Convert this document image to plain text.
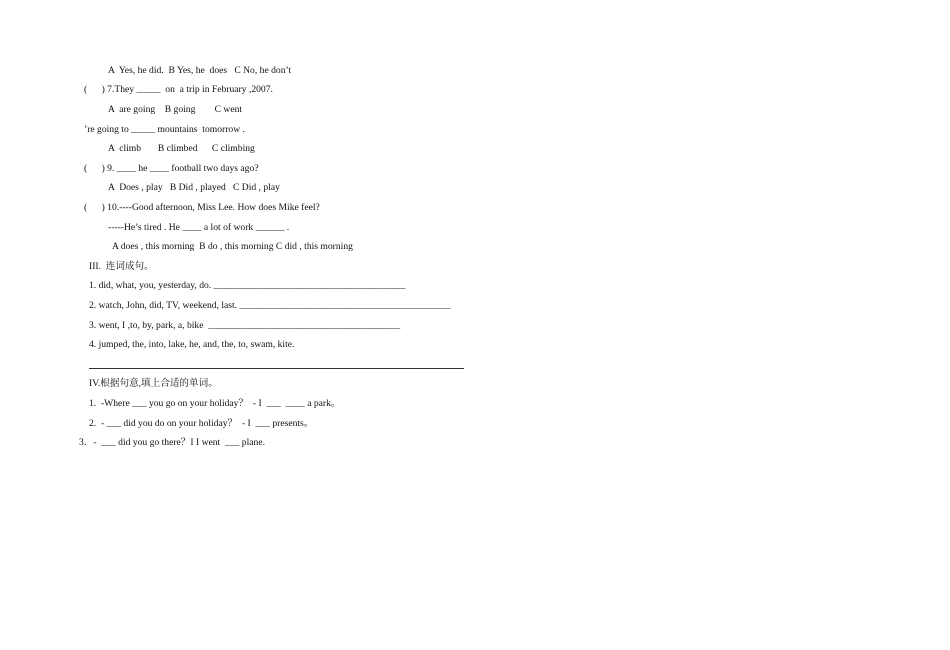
A  Yes, he did.  B Yes, he  does   C No, he don’t
(      ) 7.They _____  on  a trip in February ,2007.
A  are going    B going        C went
’re going to _____ mountains  tomorrow .
A  climb       B climbed      C climbing
(      ) 9. ____ he ____ football two days ago?
A  Does , play   B Did , played   C Did , play
(      ) 10.----Good afternoon, Miss Lee. How does Mike feel?
-----He’s tired . He ____ a lot of work ______ .
A does , this morning  B do , this morning C did , this morning
III.  连词成句。
1. did, what, you, yesterday, do. ________________________________________
2. watch, John, did, TV, weekend, last. ____________________________________________
3. went, I ,to, by, park, a, bike  ________________________________________
4. jumped, the, into, lake, he, and, the, to, swam, kite.
IV.根据句意,填上合适的单词。
1.  -Where ___ you go on your holiday？  - I  ___  ____ a park。
2.  - ___ did you do on your holiday？  - I  ___ presents。
3．-  ___ did you go there？I I went  ___ plane.
